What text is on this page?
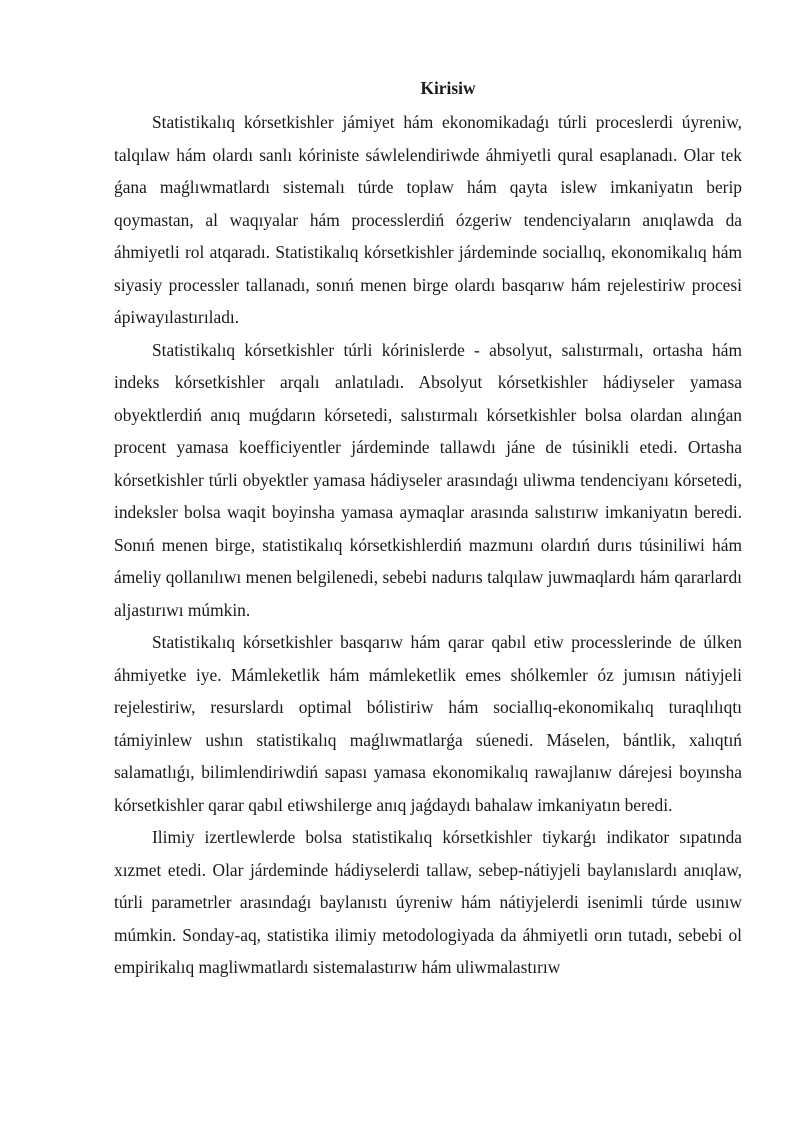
Kirisiw

Statistikalıq kórsetkishler jámiyet hám ekonomikadaǵı túrli proceslerdi úyreniw, talqılaw hám olardı sanlı kóriniste sáwlelendiriwde áhmiyetli qural esaplanadı. Olar tek ǵana maǵlıwmatlardı sistemalı túrde toplaw hám qayta islew imkaniyatın berip qoymastan, al waqıyalar hám processlerdiń ózgeriw tendenciyaların anıqlawda da áhmiyetli rol atqaradı. Statistikalıq kórsetkishler járdeminde sociallıq, ekonomikalıq hám siyasiy processler tallanadı, sonıń menen birge olardı basqarıw hám rejelestiriw procesi ápiwayılastırıladı.

Statistikalıq kórsetkishler túrli kórinislerde - absolyut, salıstırmalı, ortasha hám indeks kórsetkishler arqalı anlatıladı. Absolyut kórsetkishler hádiyseler yamasa obyektlerdiń anıq muǵdarın kórsetedi, salıstırmalı kórsetkishler bolsa olardan alınǵan procent yamasa koefficiyentler járdeminde tallawdı jáne de túsinikli etedi. Ortasha kórsetkishler túrli obyektler yamasa hádiyseler arasındaǵı uliwma tendenciyanı kórsetedi, indeksler bolsa waqit boyinsha yamasa aymaqlar arasında salıstırıw imkaniyatın beredi. Sonıń menen birge, statistikalıq kórsetkishlerdiń mazmunı olardıń durıs túsiniliwi hám ámeliy qollanılıwı menen belgilenedi, sebebi nadurıs talqılaw juwmaqlardı hám qararlardı aljastırıwı múmkin.

Statistikalıq kórsetkishler basqarıw hám qarar qabıl etiw processlerinde de úlken áhmiyetke iye. Mámleketlik hám mámleketlik emes shólkemler óz jumısın nátiyjeli rejelestiriw, resurslardı optimal bólistiriw hám sociallıq-ekonomikalıq turaqlılıqtı támiyinlew ushın statistikalıq maǵlıwmatlarǵa súenedi. Máselen, bántlik, xalıqtıń salamatlıǵı, bilimlendiriwdiń sapası yamasa ekonomikalıq rawajlanıw dárejesi boyınsha kórsetkishler qarar qabıl etiwshilerge anıq jaǵdaydı bahalaw imkaniyatın beredi.

Ilimiy izertlewlerde bolsa statistikalıq kórsetkishler tiykarǵı indikator sıpatında xızmet etedi. Olar járdeminde hádiyselerdi tallaw, sebep-nátiyjeli baylanıslardı anıqlaw, túrli parametrler arasındaǵı baylanıstı úyreniw hám nátiyjelerdi isenimli túrde usınıw múmkin. Sonday-aq, statistika ilimiy metodologiyada da áhmiyetli orın tutadı, sebebi ol empirikalıq magliwmatlardı sistemalastırıw hám uliwmalastırıw
